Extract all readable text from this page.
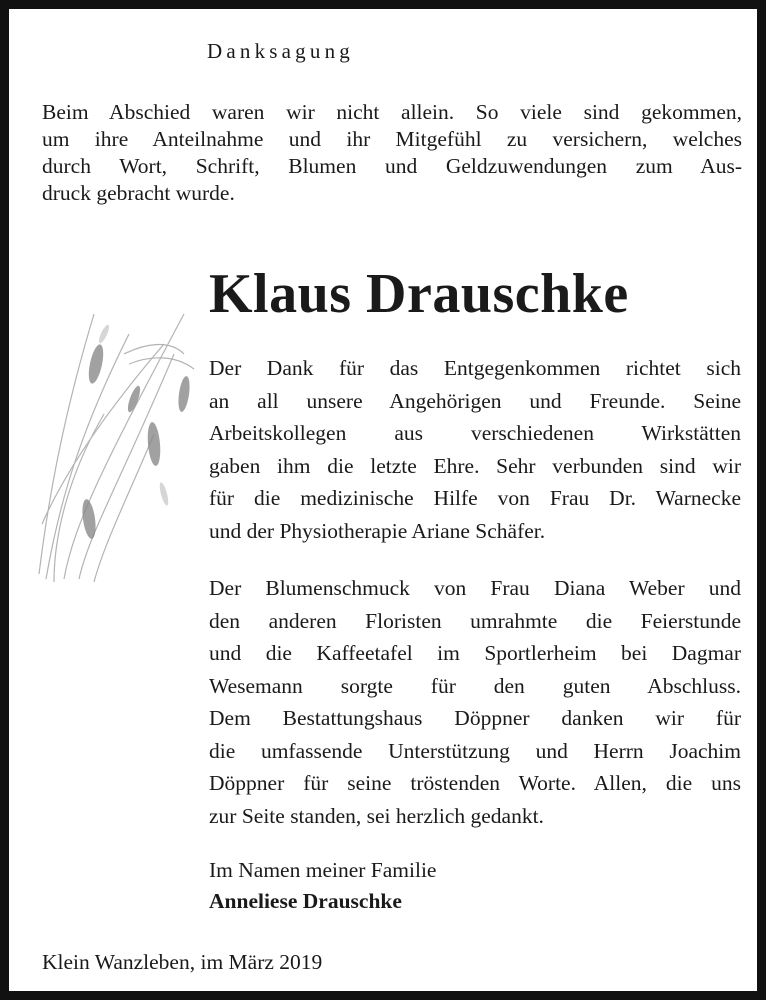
Danksagung
Beim Abschied waren wir nicht allein. So viele sind gekommen,
um ihre Anteilnahme und ihr Mitgefühl zu versichern, welches
durch Wort, Schrift, Blumen und Geldzuwendungen zum Aus-
druck gebracht wurde.
Klaus Drauschke
Der Dank für das Entgegenkommen richtet sich
an all unsere Angehörigen und Freunde. Seine
Arbeitskollegen aus verschiedenen Wirkstätten
gaben ihm die letzte Ehre. Sehr verbunden sind wir
für die medizinische Hilfe von Frau Dr. Warnecke
und der Physiotherapie Ariane Schäfer.
Der Blumenschmuck von Frau Diana Weber und
den anderen Floristen umrahmte die Feierstunde
und die Kaffeetafel im Sportlerheim bei Dagmar
Wesemann sorgte für den guten Abschluss.
Dem Bestattungshaus Döppner danken wir für
die umfassende Unterstützung und Herrn Joachim
Döppner für seine tröstenden Worte. Allen, die uns
zur Seite standen, sei herzlich gedankt.
Im Namen meiner Familie
Anneliese Drauschke
Klein Wanzleben, im März 2019
